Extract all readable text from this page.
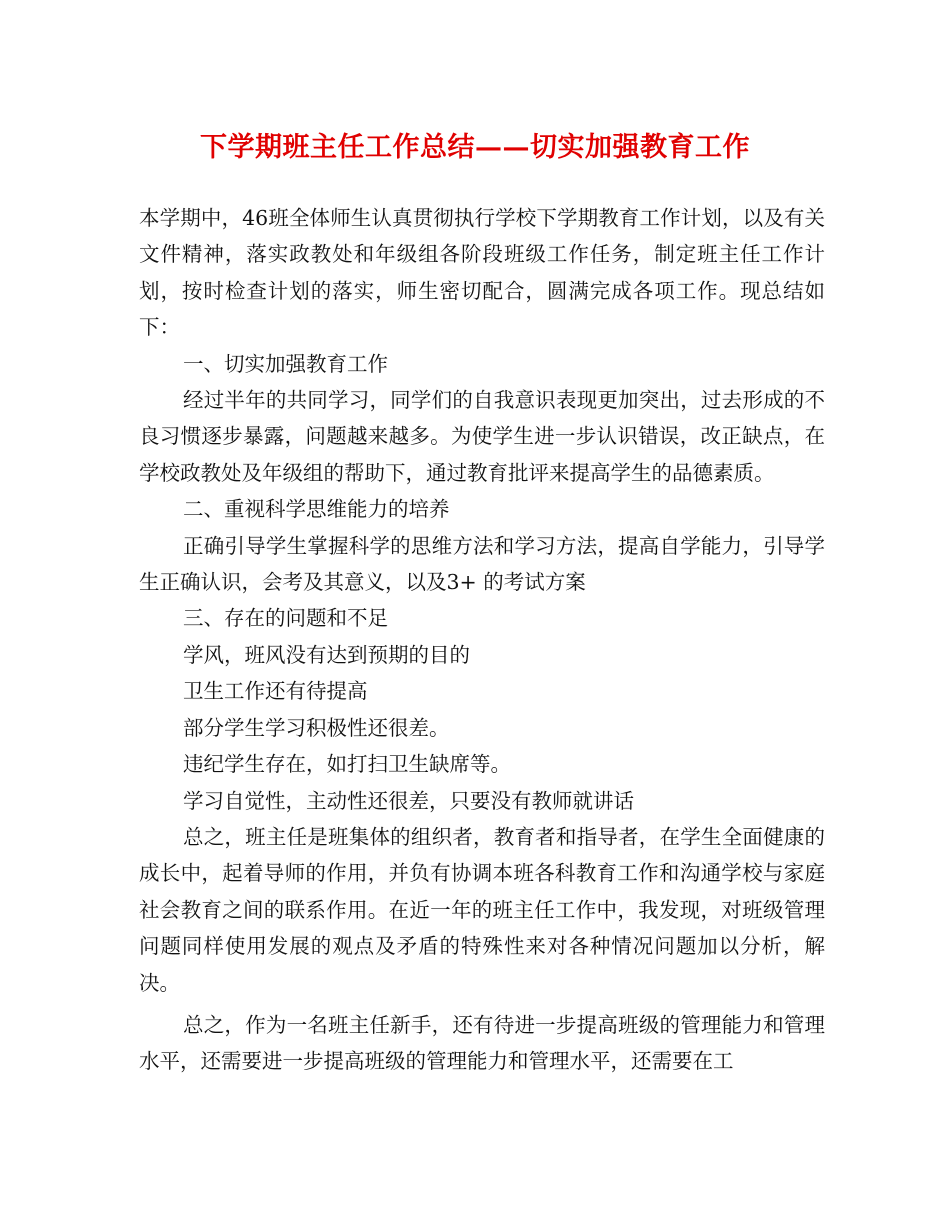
下学期班主任工作总结——切实加强教育工作

本学期中，46班全体师生认真贯彻执行学校下学期教育工作计划，以及有关文件精神，落实政教处和年级组各阶段班级工作任务，制定班主任工作计划，按时检查计划的落实，师生密切配合，圆满完成各项工作。现总结如下：

一、切实加强教育工作

经过半年的共同学习，同学们的自我意识表现更加突出，过去形成的不良习惯逐步暴露，问题越来越多。为使学生进一步认识错误，改正缺点，在学校政教处及年级组的帮助下，通过教育批评来提高学生的品德素质。

二、重视科学思维能力的培养

正确引导学生掌握科学的思维方法和学习方法，提高自学能力，引导学生正确认识，会考及其意义，以及3+ 的考试方案

三、存在的问题和不足

学风，班风没有达到预期的目的

卫生工作还有待提高

部分学生学习积极性还很差。

违纪学生存在，如打扫卫生缺席等。

学习自觉性，主动性还很差，只要没有教师就讲话

总之，班主任是班集体的组织者，教育者和指导者，在学生全面健康的成长中，起着导师的作用，并负有协调本班各科教育工作和沟通学校与家庭社会教育之间的联系作用。在近一年的班主任工作中，我发现，对班级管理问题同样使用发展的观点及矛盾的特殊性来对各种情况问题加以分析，解决。

总之，作为一名班主任新手，还有待进一步提高班级的管理能力和管理水平，还需要进一步提高班级的管理能力和管理水平，还需要在工
